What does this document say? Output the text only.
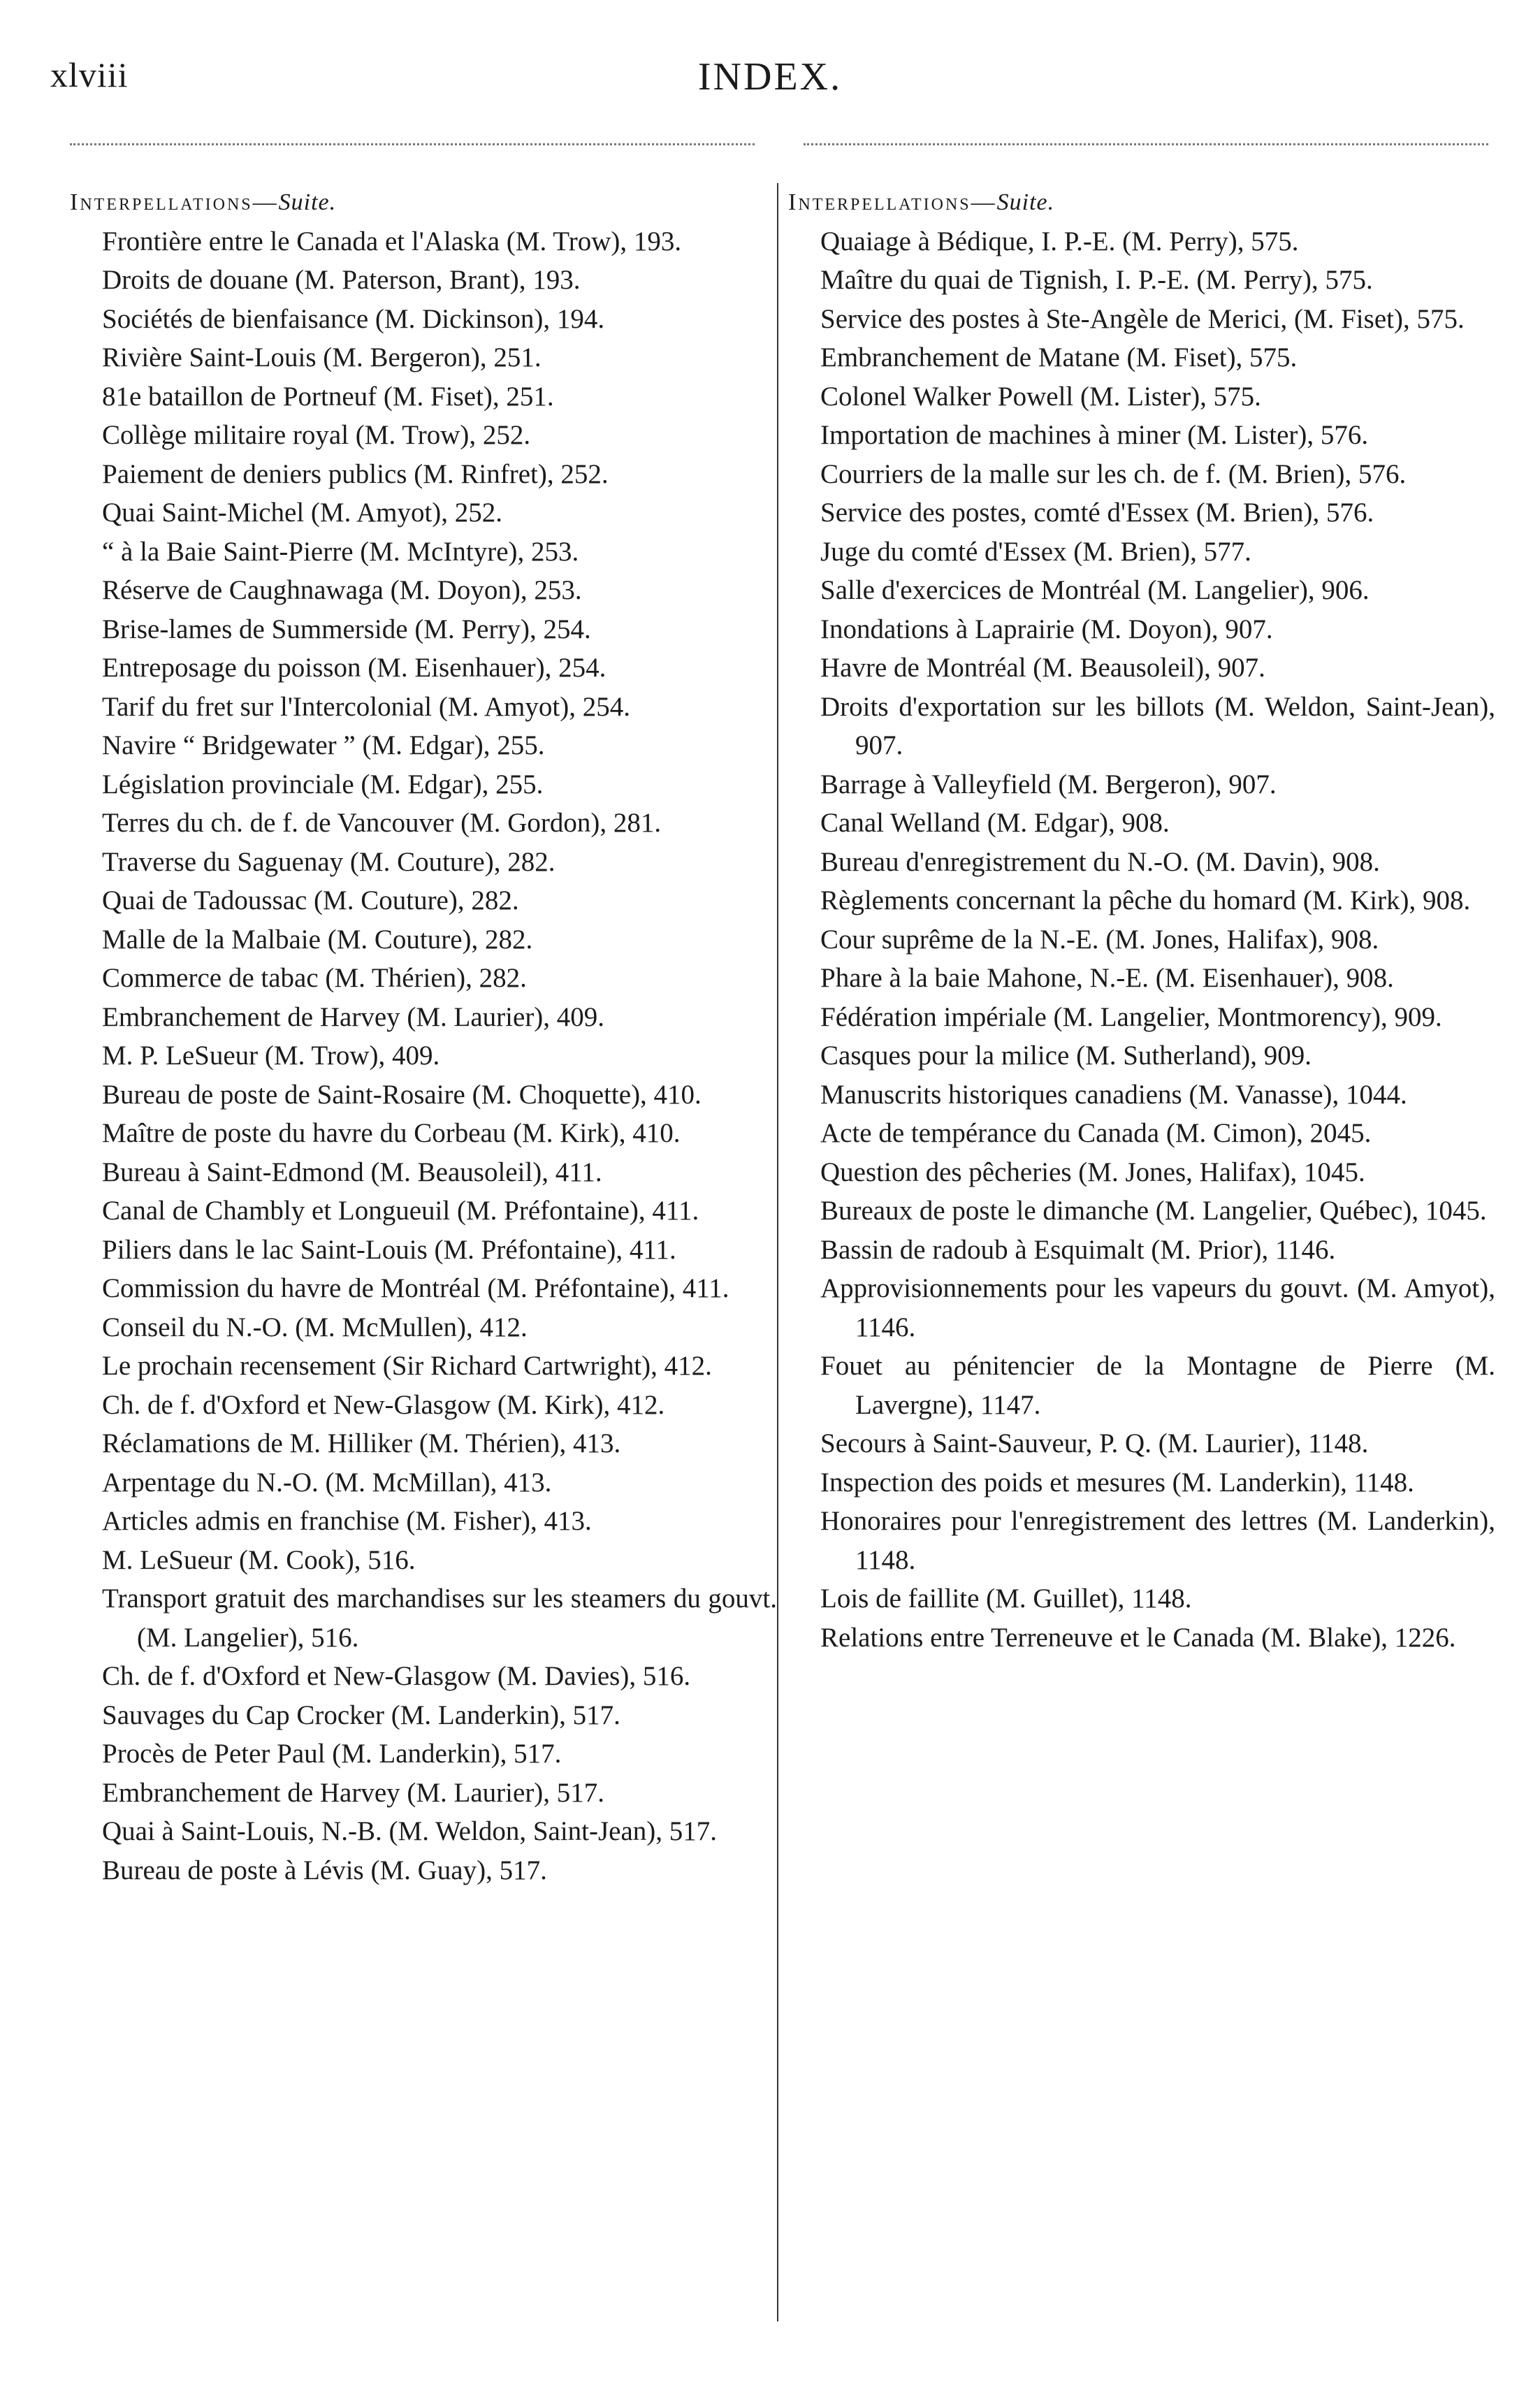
INDEX.
xlviii
Interpellations—Suite.
Frontière entre le Canada et l'Alaska (M. Trow), 193.
Droits de douane (M. Paterson, Brant), 193.
Sociétés de bienfaisance (M. Dickinson), 194.
Rivière Saint-Louis (M. Bergeron), 251.
81e bataillon de Portneuf (M. Fiset), 251.
Collège militaire royal (M. Trow), 252.
Paiement de deniers publics (M. Rinfret), 252.
Quai Saint-Michel (M. Amyot), 252.
“ à la Baie Saint-Pierre (M. McIntyre), 253.
Réserve de Caughnawaga (M. Doyon), 253.
Brise-lames de Summerside (M. Perry), 254.
Entreposage du poisson (M. Eisenhauer), 254.
Tarif du fret sur l'Intercolonial (M. Amyot), 254.
Navire “ Bridgewater ” (M. Edgar), 255.
Législation provinciale (M. Edgar), 255.
Terres du ch. de f. de Vancouver (M. Gordon), 281.
Traverse du Saguenay (M. Couture), 282.
Quai de Tadoussac (M. Couture), 282.
Malle de la Malbaie (M. Couture), 282.
Commerce de tabac (M. Thérien), 282.
Embranchement de Harvey (M. Laurier), 409.
M. P. LeSueur (M. Trow), 409.
Bureau de poste de Saint-Rosaire (M. Choquette), 410.
Maître de poste du havre du Corbeau (M. Kirk), 410.
Bureau à Saint-Edmond (M. Beausoleil), 411.
Canal de Chambly et Longueuil (M. Préfontaine), 411.
Piliers dans le lac Saint-Louis (M. Préfontaine), 411.
Commission du havre de Montréal (M. Préfontaine), 411.
Conseil du N.-O. (M. McMullen), 412.
Le prochain recensement (Sir Richard Cartwright), 412.
Ch. de f. d'Oxford et New-Glasgow (M. Kirk), 412.
Réclamations de M. Hilliker (M. Thérien), 413.
Arpentage du N.-O. (M. McMillan), 413.
Articles admis en franchise (M. Fisher), 413.
M. LeSueur (M. Cook), 516.
Transport gratuit des marchandises sur les steamers du gouvt. (M. Langelier), 516.
Ch. de f. d'Oxford et New-Glasgow (M. Davies), 516.
Sauvages du Cap Crocker (M. Landerkin), 517.
Procès de Peter Paul (M. Landerkin), 517.
Embranchement de Harvey (M. Laurier), 517.
Quai à Saint-Louis, N.-B. (M. Weldon, Saint-Jean), 517.
Bureau de poste à Lévis (M. Guay), 517.
Interpellations—Suite.
Quaiage à Bédique, I. P.-E. (M. Perry), 575.
Maître du quai de Tignish, I. P.-E. (M. Perry), 575.
Service des postes à Ste-Angèle de Merici, (M. Fiset), 575.
Embranchement de Matane (M. Fiset), 575.
Colonel Walker Powell (M. Lister), 575.
Importation de machines à miner (M. Lister), 576.
Courriers de la malle sur les ch. de f. (M. Brien), 576.
Service des postes, comté d'Essex (M. Brien), 576.
Juge du comté d'Essex (M. Brien), 577.
Salle d'exercices de Montréal (M. Langelier), 906.
Inondations à Laprairie (M. Doyon), 907.
Havre de Montréal (M. Beausoleil), 907.
Droits d'exportation sur les billots (M. Weldon, Saint-Jean), 907.
Barrage à Valleyfield (M. Bergeron), 907.
Canal Welland (M. Edgar), 908.
Bureau d'enregistrement du N.-O. (M. Davin), 908.
Règlements concernant la pêche du homard (M. Kirk), 908.
Cour suprême de la N.-E. (M. Jones, Halifax), 908.
Phare à la baie Mahone, N.-E. (M. Eisenhauer), 908.
Fédération impériale (M. Langelier, Montmorency), 909.
Casques pour la milice (M. Sutherland), 909.
Manuscrits historiques canadiens (M. Vanasse), 1044.
Acte de tempérance du Canada (M. Cimon), 2045.
Question des pêcheries (M. Jones, Halifax), 1045.
Bureaux de poste le dimanche (M. Langelier, Québec), 1045.
Bassin de radoub à Esquimalt (M. Prior), 1146.
Approvisionnements pour les vapeurs du gouvt. (M. Amyot), 1146.
Fouet au pénitencier de la Montagne de Pierre (M. Lavergne), 1147.
Secours à Saint-Sauveur, P. Q. (M. Laurier), 1148.
Inspection des poids et mesures (M. Landerkin), 1148.
Honoraires pour l'enregistrement des lettres (M. Landerkin), 1148.
Lois de faillite (M. Guillet), 1148.
Relations entre Terreneuve et le Canada (M. Blake), 1226.
